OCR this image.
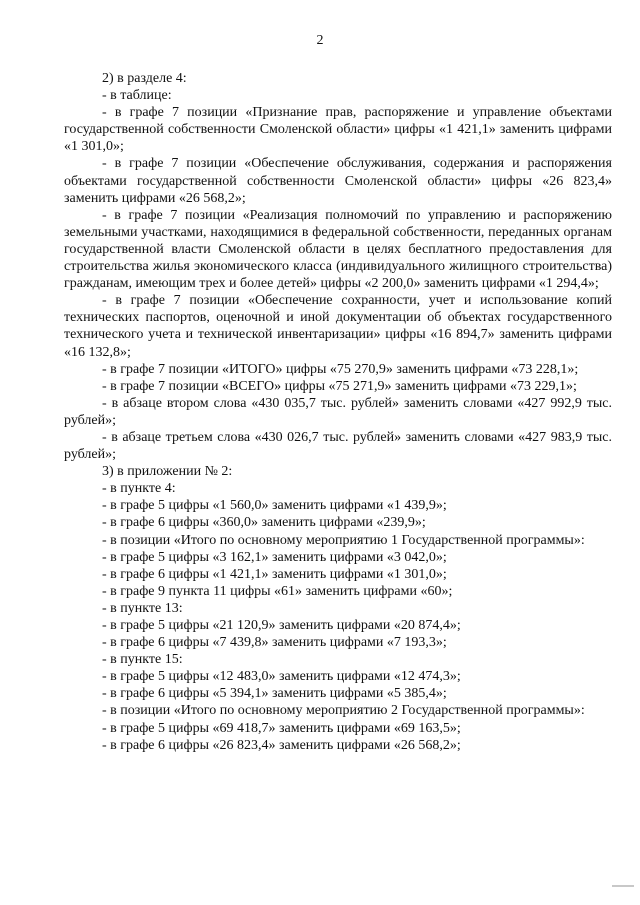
2

2) в разделе 4:

- в таблице:

- в графе 7 позиции «Признание прав, распоряжение и управление объектами государственной собственности Смоленской области» цифры «1 421,1» заменить цифрами «1 301,0»;

- в графе 7 позиции «Обеспечение обслуживания, содержания и распоряжения объектами государственной собственности Смоленской области» цифры «26 823,4» заменить цифрами «26 568,2»;

- в графе 7 позиции «Реализация полномочий по управлению и распоряжению земельными участками, находящимися в федеральной собственности, переданных органам государственной власти Смоленской области в целях бесплатного предоставления для строительства жилья экономического класса (индивидуального жилищного строительства) гражданам, имеющим трех и более детей» цифры «2 200,0» заменить цифрами «1 294,4»;

- в графе 7 позиции «Обеспечение сохранности, учет и использование копий технических паспортов, оценочной и иной документации об объектах государственного технического учета и технической инвентаризации» цифры «16 894,7» заменить цифрами «16 132,8»;

- в графе 7 позиции «ИТОГО» цифры «75 270,9» заменить цифрами «73 228,1»;

- в графе 7 позиции «ВСЕГО» цифры «75 271,9» заменить цифрами «73 229,1»;

- в абзаце втором слова «430 035,7 тыс. рублей» заменить словами «427 992,9 тыс. рублей»;

- в абзаце третьем слова «430 026,7 тыс. рублей» заменить словами «427 983,9 тыс. рублей»;

3) в приложении № 2:

- в пункте 4:

- в графе 5 цифры «1 560,0» заменить цифрами «1 439,9»;

- в графе 6 цифры «360,0» заменить цифрами «239,9»;

- в позиции «Итого по основному мероприятию 1 Государственной программы»:

- в графе 5 цифры «3 162,1» заменить цифрами «3 042,0»;

- в графе 6 цифры «1 421,1» заменить цифрами «1 301,0»;

- в графе 9 пункта 11 цифры «61» заменить цифрами «60»;

- в пункте 13:

- в графе 5 цифры «21 120,9» заменить цифрами «20 874,4»;

- в графе 6 цифры «7 439,8» заменить цифрами «7 193,3»;

- в пункте 15:

- в графе 5 цифры «12 483,0» заменить цифрами «12 474,3»;

- в графе 6 цифры «5 394,1» заменить цифрами «5 385,4»;

- в позиции «Итого по основному мероприятию 2 Государственной программы»:

- в графе 5 цифры «69 418,7» заменить цифрами «69 163,5»;

- в графе 6 цифры «26 823,4» заменить цифрами «26 568,2»;
